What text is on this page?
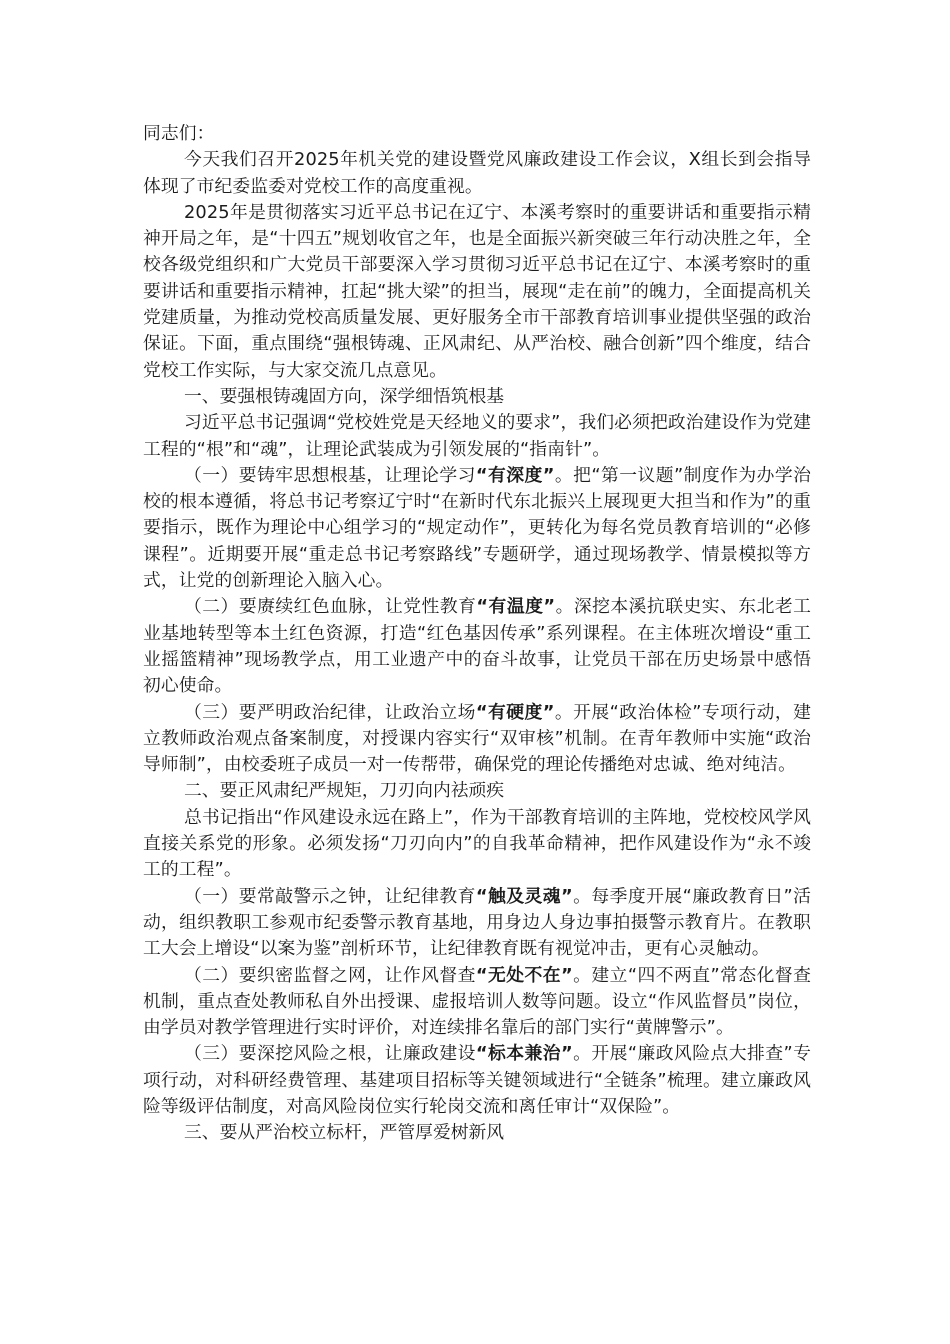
同志们：

今天我们召开2025年机关党的建设暨党风廉政建设工作会议，X组长到会指导体现了市纪委监委对党校工作的高度重视。

2025年是贯彻落实习近平总书记在辽宁、本溪考察时的重要讲话和重要指示精神开局之年，是“十四五”规划收官之年，也是全面振兴新突破三年行动决胜之年，全校各级党组织和广大党员干部要深入学习贯彻习近平总书记在辽宁、本溪考察时的重要讲话和重要指示精神，扛起“挑大梁”的担当，展现“走在前”的魄力，全面提高机关党建质量，为推动党校高质量发展、更好服务全市干部教育培训事业提供坚强的政治保证。下面，重点围绕“强根铸魂、正风肃纪、从严治校、融合创新”四个维度，结合党校工作实际，与大家交流几点意见。

一、要强根铸魂固方向，深学细悟筑根基

习近平总书记强调“党校姓党是天经地义的要求”，我们必须把政治建设作为党建工程的“根”和“魂”，让理论武装成为引领发展的“指南针”。

（一）要铸牢思想根基，让理论学习“有深度”。把“第一议题”制度作为办学治校的根本遵循，将总书记考察辽宁时“在新时代东北振兴上展现更大担当和作为”的重要指示，既作为理论中心组学习的“规定动作”，更转化为每名党员教育培训的“必修课程”。近期要开展“重走总书记考察路线”专题研学，通过现场教学、情景模拟等方式，让党的创新理论入脑入心。

（二）要赓续红色血脉，让党性教育“有温度”。深挖本溪抗联史实、东北老工业基地转型等本土红色资源，打造“红色基因传承”系列课程。在主体班次增设“重工业摇篮精神”现场教学点，用工业遗产中的奋斗故事，让党员干部在历史场景中感悟初心使命。

（三）要严明政治纪律，让政治立场“有硬度”。开展“政治体检”专项行动，建立教师政治观点备案制度，对授课内容实行“双审核”机制。在青年教师中实施“政治导师制”，由校委班子成员一对一传帮带，确保党的理论传播绝对忠诚、绝对纯洁。

二、要正风肃纪严规矩，刀刃向内祛顽疾

总书记指出“作风建设永远在路上”，作为干部教育培训的主阵地，党校校风学风直接关系党的形象。必须发扬“刀刃向内”的自我革命精神，把作风建设作为“永不竣工的工程”。

（一）要常敲警示之钟，让纪律教育“触及灵魂”。每季度开展“廉政教育日”活动，组织教职工参观市纪委警示教育基地，用身边人身边事拍摄警示教育片。在教职工大会上增设“以案为鉴”剖析环节，让纪律教育既有视觉冲击，更有心灵触动。

（二）要织密监督之网，让作风督查“无处不在”。建立“四不两直”常态化督查机制，重点查处教师私自外出授课、虚报培训人数等问题。设立“作风监督员”岗位，由学员对教学管理进行实时评价，对连续排名靠后的部门实行“黄牌警示”。

（三）要深挖风险之根，让廉政建设“标本兼治”。开展“廉政风险点大排查”专项行动，对科研经费管理、基建项目招标等关键领域进行“全链条”梳理。建立廉政风险等级评估制度，对高风险岗位实行轮岗交流和离任审计“双保险”。

三、要从严治校立标杆，严管厚爱树新风
